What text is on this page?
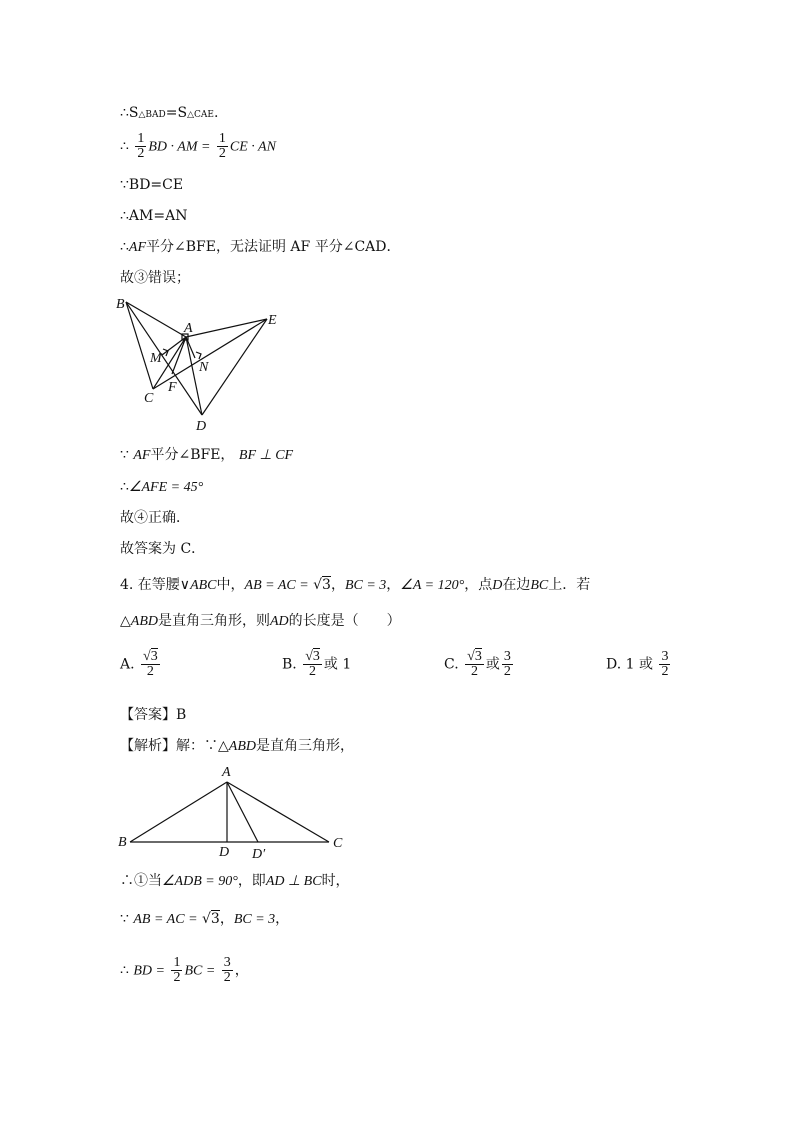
∴S△BAD=S△CAE.
∴ $\frac{1}{2}$ BD · AM = $\frac{1}{2}$ CE · AN
∵BD=CE
∴AM=AN
∴AF平分∠BFE，无法证明 AF 平分∠CAD．
故③错误；
B
A
E
M
N
C
F
D
∵ AF平分∠BFE， BF ⊥ CF
∴∠AFE = 45°
故④正确．
故答案为 C．
4. 在等腰∨ABC中，AB = AC = √3，BC = 3，∠A = 120°，点D在边BC上．若
△ABD是直角三角形，则AD的长度是（　　）
A. $\frac{√3}{2}$	B. $\frac{√3}{2}$ 或 1	C. $\frac{√3}{2}$ 或 $\frac{3}{2}$	D. 1 或 $\frac{3}{2}$
【答案】B
【解析】解：∵△ABD是直角三角形，
A
B	C
D D′
∴①当∠ADB = 90°，即AD ⊥ BC时，
∵ AB = AC = √3，BC = 3，
∴ BD = $\frac{1}{2}$ BC = $\frac{3}{2}$ ，
